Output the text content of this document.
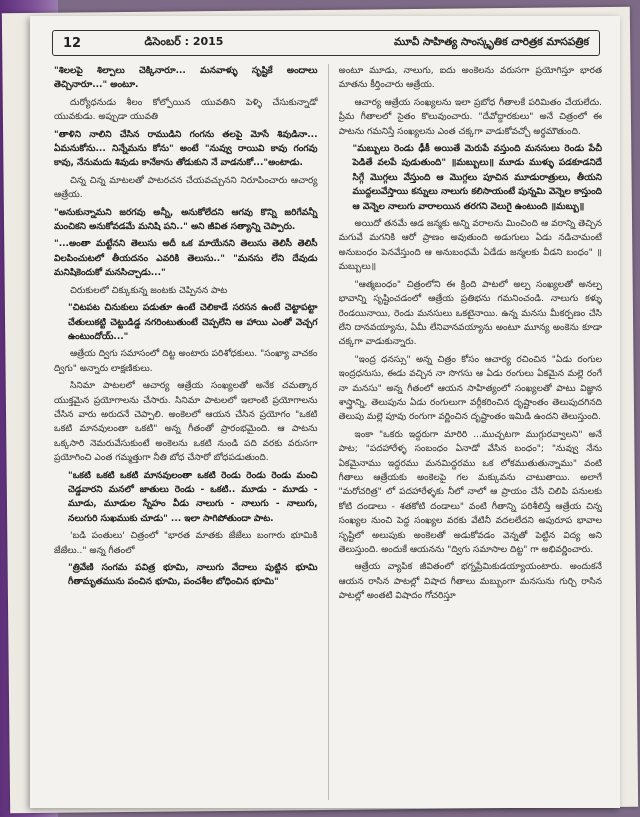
12	డిసెంబర్ : 2015	మూవీ సాహిత్య సాంస్కృతిక చారిత్రక మాసపత్రిక

"శిలలపై శిల్పాలు చెక్కినారూ... మనవాళ్ళు సృష్టికే అందాలు తెచ్చినారూ..." అంటూ.

దుర్యోధనుడు శీలం కోల్పోయిన యువతిని పెళ్ళి చేసుకున్నాడో యువకుడు. అప్పుడా యువతి

"తాళిని నాలిని చేసిన రాముడిని గంగను తలపై మోసే శివుడినా... ఏమనుకోను... నిన్నేమను కోను" అంటే "నువ్వు రాయివి కావు గంగవు కావు, నేనుమదు శివుడు కానేకాను తోడుకుని నే వాడనుకో..."అంటాడు.

చిన్న చిన్న మాటలతో పాటరచన చేయవచ్చునని నిరూపించారు ఆచార్య ఆత్రేయ.

"అనుకున్నామని జరగవు అన్నీ, అనుకోలేదని ఆగవు కొన్ని జరిగేవన్నీ మంచికని అనుకోవడమే మనిషి పని.." అని జీవిత సత్యాన్ని చెప్పారు.

"...అంతా మట్టేనని తెలుసు అదీ ఒక మాయేనని తెలుసు తెలిసీ తెలిసీ విలపించుటలో తీయదనం ఎవరికి తెలుసు.." "మనసు లేని దేవుడు మనిషికెందుకో మనసిచ్చాడు..."

చిరుకులలో చిక్కుకున్న జంటకు చెప్పినన పాట

"చిటపట చినుకులు పడుతూ ఉంటే చెలికాడే సరసన ఉంటే చెట్టాపట్టా చేతులుకట్టి చెట్టుడిడ్డ నగరింటుతుంటే చెప్పలేని ఆ హాయి ఎంతో వెచ్చగ ఉంటుందోయ్..."

ఆత్రేయ ద్విగు సమాసంలో దిట్ట అంటారు పరిశోధకులు. "సంఖ్యా వాచకం ద్విగు" అన్నారు లాక్షణికులు.

సినిమా పాటలలో ఆచార్య ఆత్రేయ సంఖ్యలతో అనేక చమత్కార యుక్తమైన ప్రయోగాలను చేసారు. సినిమా పాటలలో ఇలాంటి ప్రయోగాలను చేసిన వారు అరుదనే చెప్పాలి. అంకెలలో ఆయన చేసిన ప్రయోగం "ఒకటి ఒకటి మానవులంతా ఒకటి" అన్న గీతంతో ప్రారంభమైంది. ఆ పాటను ఒక్కసారి నెమరువేసుకుంటే అంకెలను ఒకటి నుండి పది వరకు వరుసగా ప్రయోగించి ఎంత గమ్మత్తుగా నీతి బోధ చేసారో బోధపడుతుంది.

"ఒకటి ఒకటి ఒకటి మానవులంతా ఒకటి రెండు రెండు రెండు మంచి చెడ్డవారని మనలో జాతులు రెండు - ఒకటి.. మూడు - మూడు - మూడు, మూడుల స్నేహం వీడు నాలుగు - నాలుగు - నాలుగు, నలుగురి సుఖముకు చూడు" ... ఇలా సాగిపోతుందా పాట.

'బడి పంతులు' చిత్రంలో "భారత మాతకు జేజేలు బంగారు భూమికి జేజేలు.." అన్న గీతంలో

"త్రివేణి సంగమ పవిత్ర భూమి, నాలుగు వేదాలు పుట్టిన భూమి గీతామృతమును పంచిన భూమి, పంచశీల బోధించిన భూమి"

అంటూ మూడు, నాలుగు, ఐదు అంకెలను వరుసగా ప్రయోగిస్తూ భారత మాతను కీర్తించారు ఆత్రేయ.

ఆచార్య ఆత్రేయ సంఖ్యలను ఇలా ప్రబోధ గీతాలకే పరిమితం చేయలేదు. ప్రేమ గీతాలలో సైతం కొలువుంచారు. "దేవోద్దారకులు" అనే చిత్రంలో ఈ పాటను గమనిస్తే సంఖ్యలను ఎంత చక్కగా వాడుకోవచ్చో అర్థమౌతుంది.

"మబ్బులు రెండు ఢీకీ అయితే మెరుపే వస్తుంది మనసులు రెండు పేచీ పెడితే వలపే పుడుతుంది" ॥మబ్బులు॥ మూడు ముళ్ళు పడకూడనిదే సిగ్గే మొగ్గలు వేస్తుంది ఆ మొగ్గలు పూచిన మూడురాత్రులు, తీయని ముద్దలువేస్తాయి కన్నులు నాలుగు కలిసాయంటే పున్నమి వెన్నెల కాస్తుంది ఆ వెన్నెల నాలుగు వారాలయిన తరగని వెలుగై ఉంటుంది ॥మబ్బు॥

అయిదో తనమే ఆడ జన్మకు అన్ని వరాలను మించింది ఆ వరాన్ని తెచ్చిన మగువే మగనికి ఆరో ప్రాణం అవుతుంది అడుగులు ఏడు నడిచామంటే అనుబంధం పెనవేస్తుంది ఆ అనుబంధమే ఏడేడు జన్మలకు వీడని బంధం" ॥మబ్బులు॥

"ఆత్మబంధం" చిత్రంలోని ఈ క్రింది పాటలో అల్ప సంఖ్యలతో అనల్ప భావాన్ని సృష్టించడంలో ఆత్రేయ ప్రతిభను గమనించండి. నాలుగు కళ్ళు రెండయినాయి, రెండు మనసులు ఒకటైనాయి. ఉన్న మనసు మీకర్పణం చేసి లేని దానవయ్యాను, ఏమీ లేనివానవయ్యాను అంటూ మూన్య అంకెను కూడా చక్కగా వాడుకున్నారు.

"ఇంద్ర ధనస్సు" అన్న చిత్రం కోసం ఆచార్య రచించిన "ఏడు రంగుల ఇంద్రధనుసు, ఈడు వచ్చిన నా సొగసు ఆ ఏడు రంగులు ఏకమైన మల్లె రంగే నా మనసు" అన్న గీతంలో ఆయన సాహిత్యంలో సంఖ్యలతో పాటు విజ్ఞాన శాస్త్రాన్ని, తెలుపును ఏడు రంగులుగా వర్గీకరించిన దృష్టాంతం తెలుపుదగినది తెలుపు మల్లె పూవు రంగుగా వర్ణించిన దృష్టాంతం ఇమిడి ఉందని తెలుస్తుంది.

ఇంకా "ఒకరు ఇద్దరుగా మారిరి ...ముచ్చటగా ముగ్గురవ్వాలని" అనే పాట; "పదహారేళ్ళ సంబంధం ఏనాడో వేసిన బంధం"; "నువ్వు నేను ఏకమైనాము ఇద్దరము మనమిద్దరము ఒక లోకముతుతున్నాము" వంటి గీతాలు ఆత్రేయకు అంకెలపై గల మక్కువను చాటుతాయి. అలాగే "మరోచరిత్ర" లో పదహారేళ్ళకు నీలో నాలో ఆ ప్రాయం చేసే చిలిపి పనులకు కోటి దండాలు - శతకోటి దండాలు" వంటి గీతాన్ని పరిశీలిస్తే ఆత్రేయ చిన్న సంఖ్యల నుంచి పెద్ద సంఖ్యల వరకు వేటినీ వదలలేదని అపురూప భావాల సృష్టిలో అలుపుకు అంకెలతో అడుకోవడం వెన్నతో పెట్టిన విద్య అని తెలుస్తుంది. అందుకే ఆయనను "ద్విగు సమాసాల దిట్ట" గా అభివర్ణించారు.

ఆత్రేయ వ్యాపిక జీవితంలో భగ్నప్రేమికుడయ్యాయంటారు. అందుకనే ఆయన రాసిన పాటల్లో విషాద గీతాలు మబ్బుంగా మనసును గుర్చి రాసిన పాటల్లో అంతటి విషాదం గోచరిస్తూ
